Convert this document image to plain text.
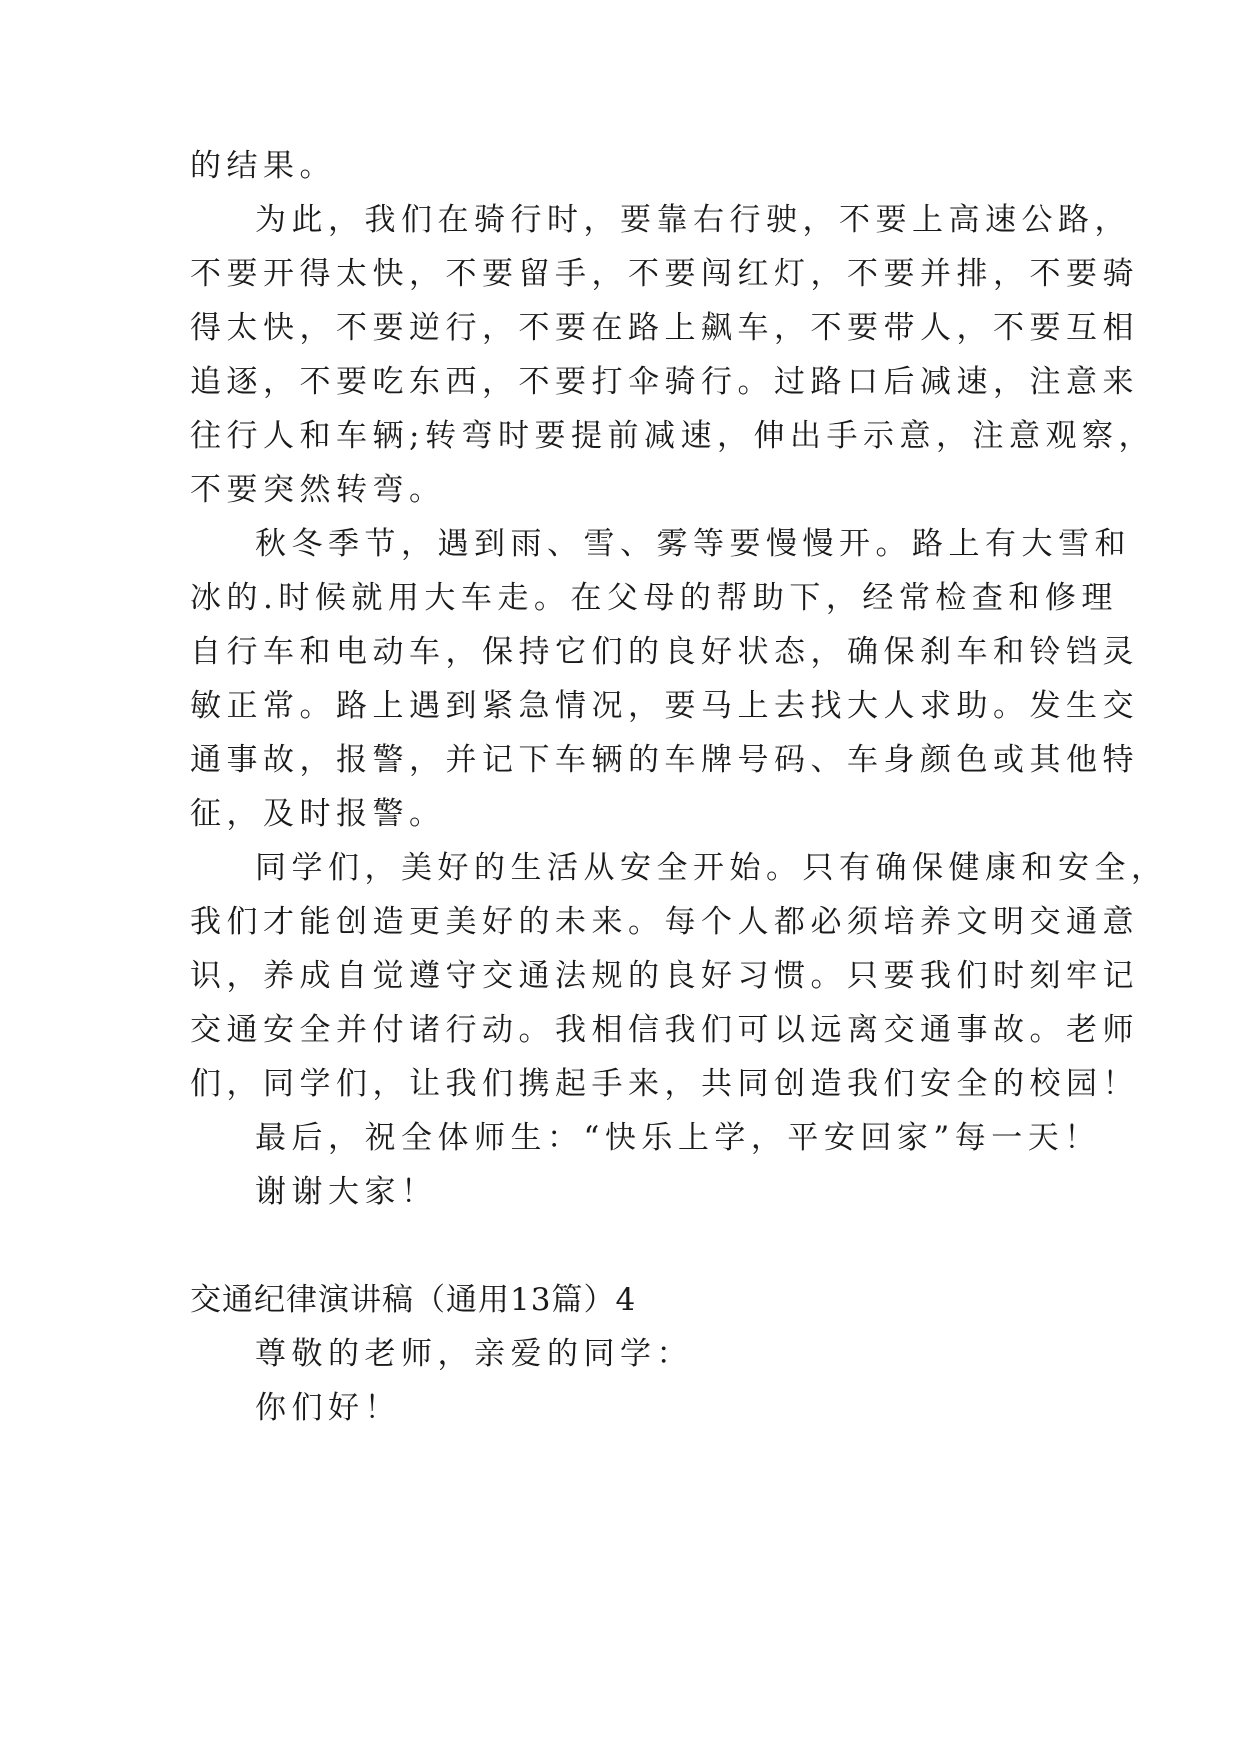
的结果。
为此，我们在骑行时，要靠右行驶，不要上高速公路，
不要开得太快，不要留手，不要闯红灯，不要并排，不要骑
得太快，不要逆行，不要在路上飙车，不要带人，不要互相
追逐，不要吃东西，不要打伞骑行。过路口后减速，注意来
往行人和车辆;转弯时要提前减速，伸出手示意，注意观察，
不要突然转弯。
秋冬季节，遇到雨、雪、雾等要慢慢开。路上有大雪和
冰的.时候就用大车走。在父母的帮助下，经常检查和修理
自行车和电动车，保持它们的良好状态，确保刹车和铃铛灵
敏正常。路上遇到紧急情况，要马上去找大人求助。发生交
通事故，报警，并记下车辆的车牌号码、车身颜色或其他特
征，及时报警。
同学们，美好的生活从安全开始。只有确保健康和安全，
我们才能创造更美好的未来。每个人都必须培养文明交通意
识，养成自觉遵守交通法规的良好习惯。只要我们时刻牢记
交通安全并付诸行动。我相信我们可以远离交通事故。老师
们，同学们，让我们携起手来，共同创造我们安全的校园！
最后，祝全体师生：“快乐上学，平安回家”每一天！
谢谢大家！
交通纪律演讲稿（通用13篇）4
尊敬的老师，亲爱的同学：
你们好！
